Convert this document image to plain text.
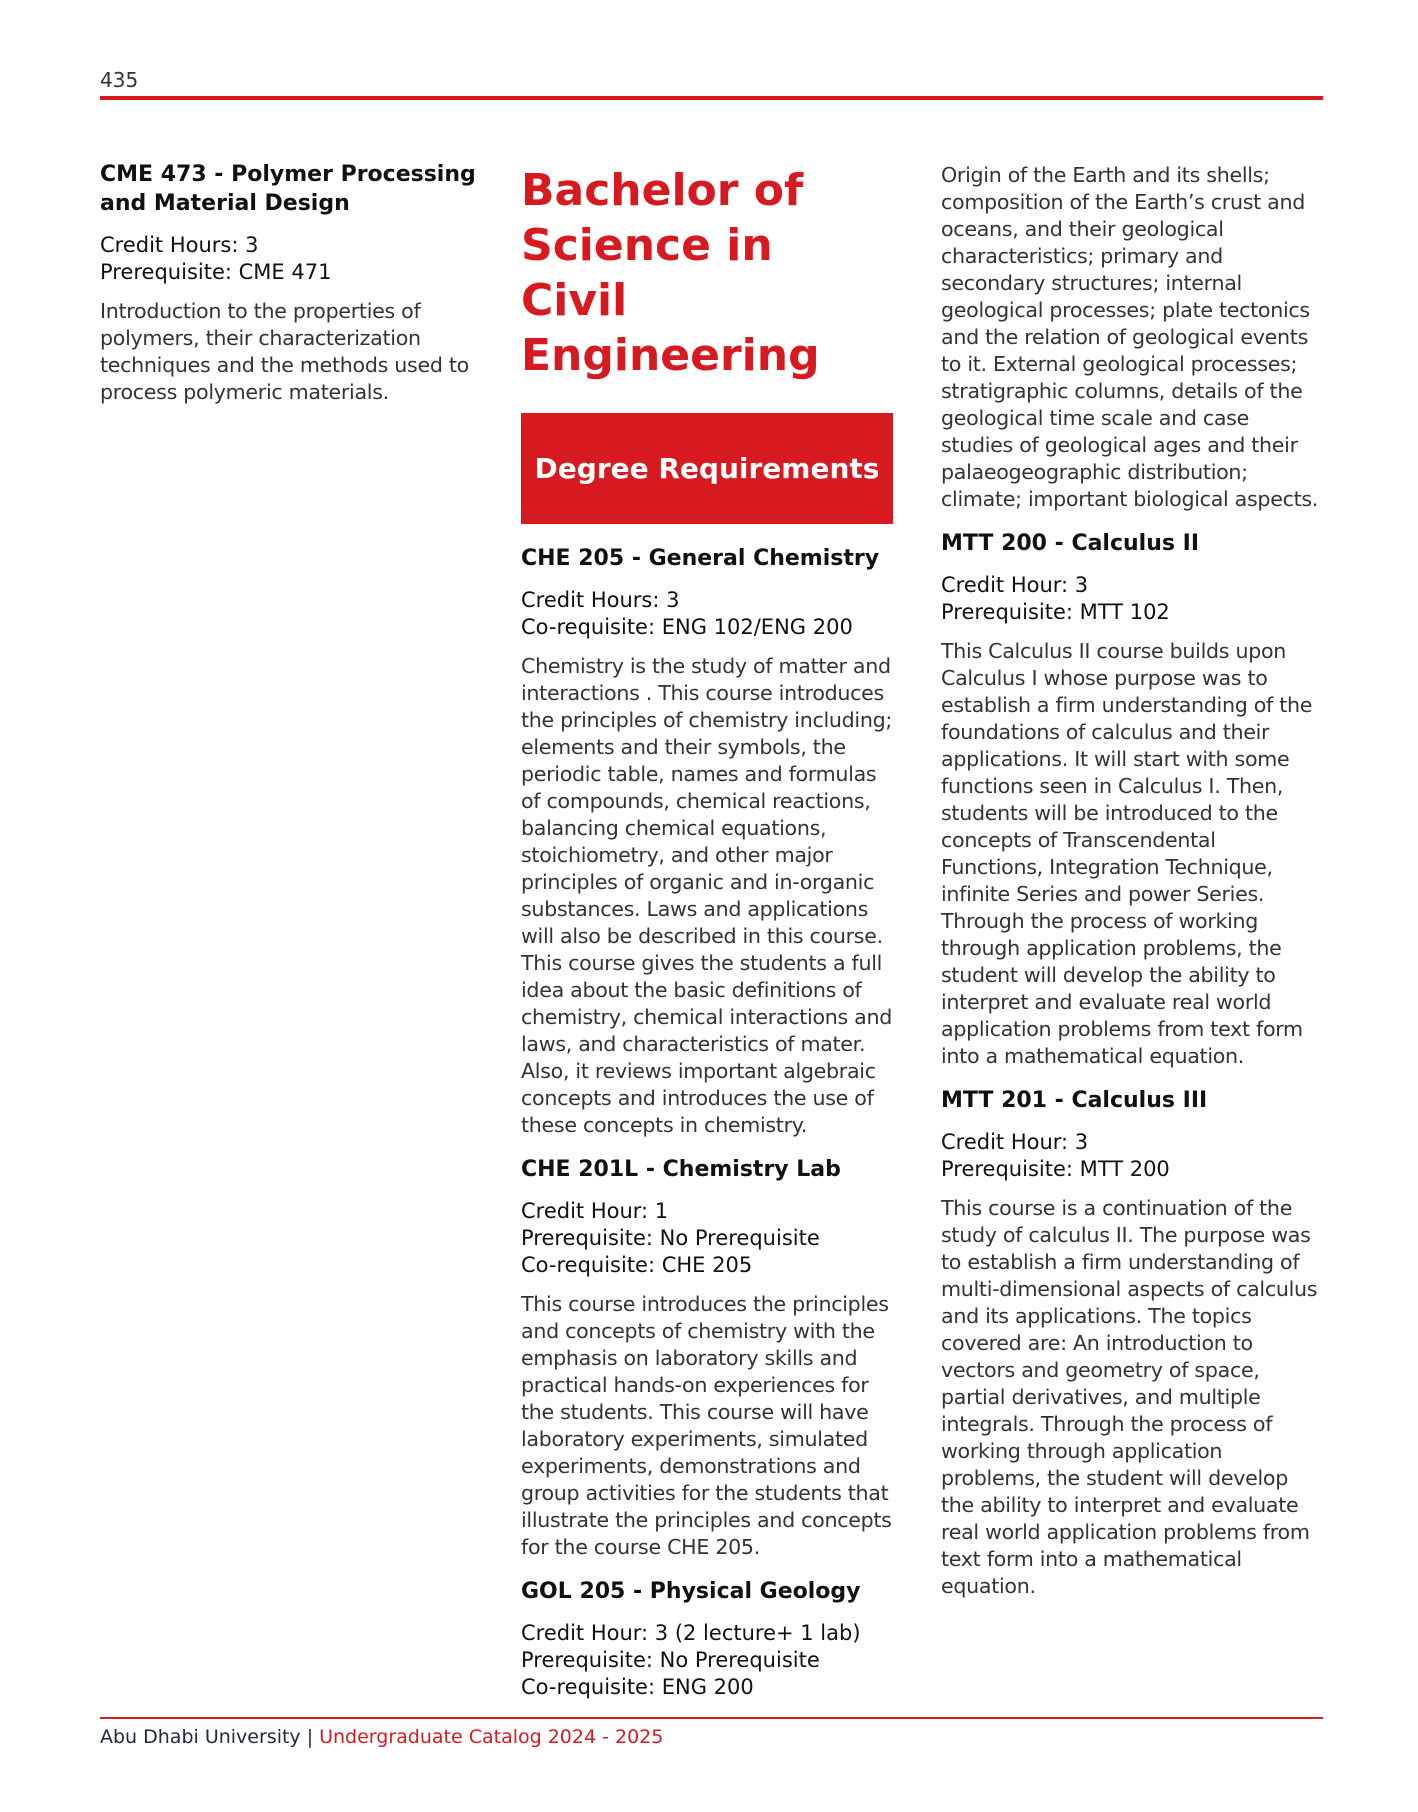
435
CME 473 - Polymer Processing and Material Design
Credit Hours: 3
Prerequisite: CME 471
Introduction to the properties of polymers, their characterization techniques and the methods used to process polymeric materials.
Bachelor of Science in Civil Engineering
Degree Requirements
CHE 205 - General Chemistry
Credit Hours: 3
Co-requisite: ENG 102/ENG 200
Chemistry is the study of matter and interactions . This course introduces the principles of chemistry including; elements and their symbols, the periodic table, names and formulas of compounds, chemical reactions, balancing chemical equations, stoichiometry, and other major principles of organic and in-organic substances. Laws and applications will also be described in this course. This course gives the students a full idea about the basic definitions of chemistry, chemical interactions and laws, and characteristics of mater. Also, it reviews important algebraic concepts and introduces the use of these concepts in chemistry.
CHE 201L - Chemistry Lab
Credit Hour: 1
Prerequisite: No Prerequisite
Co-requisite: CHE 205
This course introduces the principles and concepts of chemistry with the emphasis on laboratory skills and practical hands-on experiences for the students. This course will have laboratory experiments, simulated experiments, demonstrations and group activities for the students that illustrate the principles and concepts for the course CHE 205.
GOL 205 - Physical Geology
Credit Hour: 3 (2 lecture+ 1 lab)
Prerequisite: No Prerequisite
Co-requisite: ENG 200
Origin of the Earth and its shells; composition of the Earth’s crust and oceans, and their geological characteristics; primary and secondary structures; internal geological processes; plate tectonics and the relation of geological events to it. External geological processes; stratigraphic columns, details of the geological time scale and case studies of geological ages and their palaeogeographic distribution; climate; important biological aspects.
MTT 200 - Calculus II
Credit Hour: 3
Prerequisite: MTT 102
This Calculus II course builds upon Calculus I whose purpose was to establish a firm understanding of the foundations of calculus and their applications. It will start with some functions seen in Calculus I. Then, students will be introduced to the concepts of Transcendental Functions, Integration Technique, infinite Series and power Series. Through the process of working through application problems, the student will develop the ability to interpret and evaluate real world application problems from text form into a mathematical equation.
MTT 201 - Calculus III
Credit Hour: 3
Prerequisite: MTT 200
This course is a continuation of the study of calculus II. The purpose was to establish a firm understanding of multi-dimensional aspects of calculus and its applications. The topics covered are: An introduction to vectors and geometry of space, partial derivatives, and multiple integrals. Through the process of working through application problems, the student will develop the ability to interpret and evaluate real world application problems from text form into a mathematical equation.
Abu Dhabi University | Undergraduate Catalog 2024 - 2025
